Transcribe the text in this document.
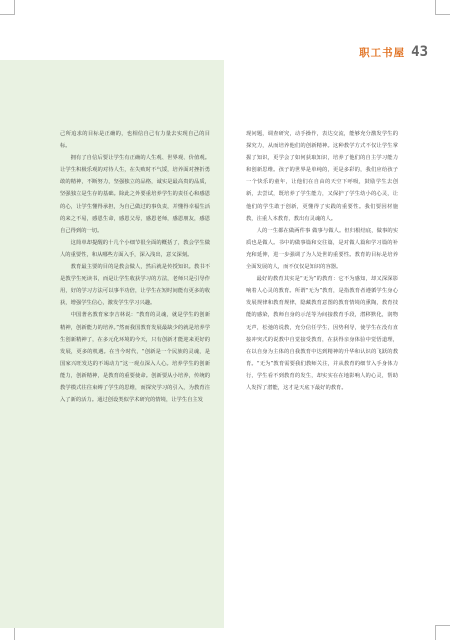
职工书屋 43

己所追求的目标是正确的，也相信自己有力量去实现自己的目标。

拥有了自信后要让学生有正确的人生观、世界观、价值观。让学生积极乐观的对待人生，在失败时不气馁，培养面对挫折勇敢的精神，不断努力，坚强独立的品格，诚实是最高贵的品质，坚强独立是生存的基础。除此之外要重培养学生的责任心和感恩的心，让学生懂得承担，为自己做过的事负责，并懂得幸福生活的来之不易，感恩生命，感恩父母，感恩老师，感恩朋友，感恩自己得到的一切。

这简单却提醒的十几个小细节很全面的概括了，教会学生做人的重要性，和从哪些方面入手，深入浅出，意义深刻。

教育最主要的目的是教会做人，然后就是传授知识。教书不是教学生死读书，而是让学生收获学习的方法，老师只是引导作用，好的学习方法可以事半功倍，让学生在短时间能有更多的收获，增强学生信心，激发学生学习兴趣。

中国著名教育家李吉林说：“教育的灵魂，就是学生的创新精神，创新能力的培养。”然而我国教育发展最缺少的就是培养学生创新精神了，在多元化环境的今天，只有创新才能迎来更好的发展，更多的机遇。在当今时代，“创新是一个民族的灵魂，是国家兴旺发达的不竭动力”这一观点深入人心。培养学生的创新能力，创新精神，是教育的重要使命。创新要从小培养，传统的教学模式往往束缚了学生的思维，而探究学习的引入，为教育注入了新的活力。通过创设类似学术研究的情境，让学生自主发

现问题，调查研究，动手操作，表达交流，能够充分激发学生的探究力，从而培养他们的创新精神。这种教学方式不仅让学生掌握了知识，更学会了如何获取知识，培养了他们的自主学习能力和创新思维。孩子的世界是单纯的，更是多彩的，我们应给孩子一个快乐的童年，让他们在自由的天空下呼吸，鼓励学生去创新，去尝试，既培养了学生能力，又保护了学生幼小的心灵，让他们的学生敢于创新，更懂得了实践的重要性。我们要因材施教，注重人本教育，教出有灵魂的人。

人的一生都在做两件事 做事与做人。但归根结底，做事的实质也是做人。书中的做事篇和交往篇，是对做人篇和学习篇的补充和延伸，进一步强调了为人处世的重要性。教育的目标是培养全面发展的人，而不仅仅是知识的容器。

最好的教育其实是“无为”的教育：它不为感知，却又深深影响着人心灵的教育。所谓“无为”教育，是指教育者遵循学生身心发展规律和教育规律，隐藏教育意图的教育情境的熏陶，教育技能的感染，教师自身的示范等为间接教育手段，潜移默化，润物无声，松弛的说教，充分信任学生，因势利导，使学生在没有直接冲突式的说教中自觉接受教育，在获得亲身体验中觉悟道理，在以自身为主体的自我教育中达到精神的升华和认识的飞跃的教育。“无为”教育需要我们教师关注，并从教育的细节入手身体力行，学生看不到教育的发生，却实实在在地影响人的心灵，帮助人发挥了潜能，这才是天底下最好的教育。
